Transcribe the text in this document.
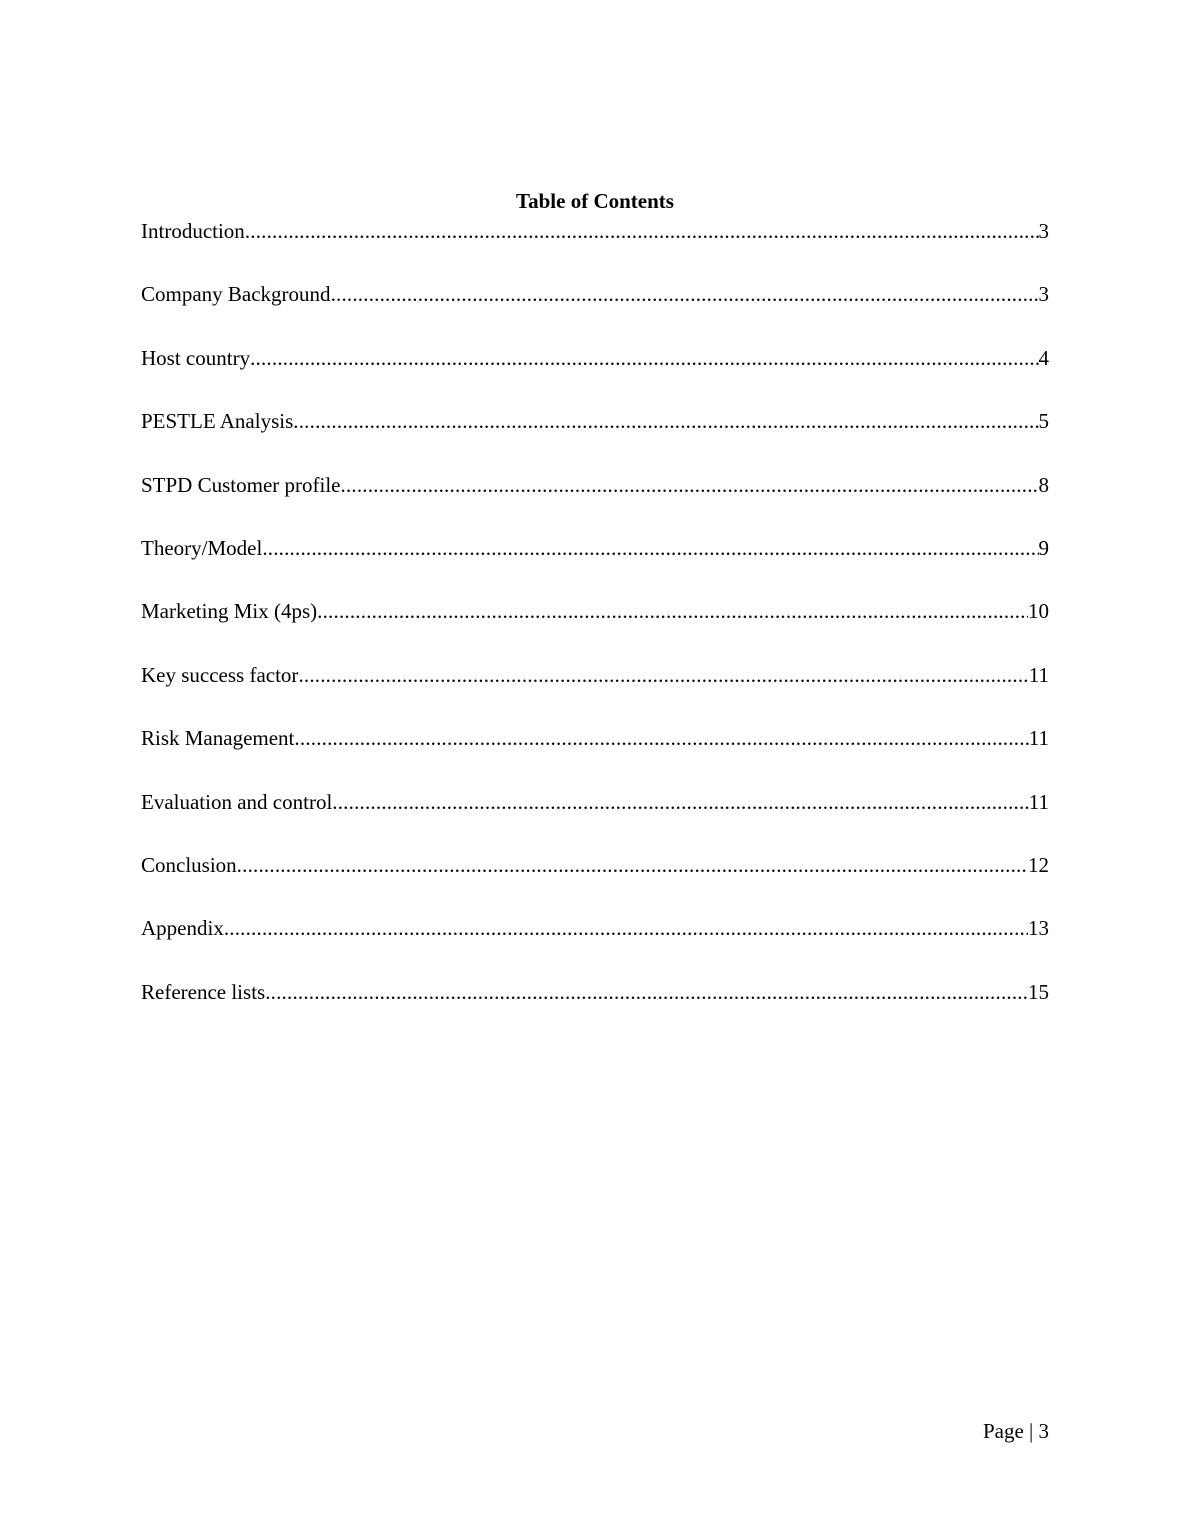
Table of Contents
Introduction .....	3
Company Background .....	3
Host country .....	4
PESTLE Analysis .....	5
STPD Customer profile .....	8
Theory/Model .....	9
Marketing Mix (4ps) .....	10
Key success factor .....	11
Risk Management .....	11
Evaluation and control .....	11
Conclusion .....	12
Appendix .....	13
Reference lists .....	15
Page | 3
